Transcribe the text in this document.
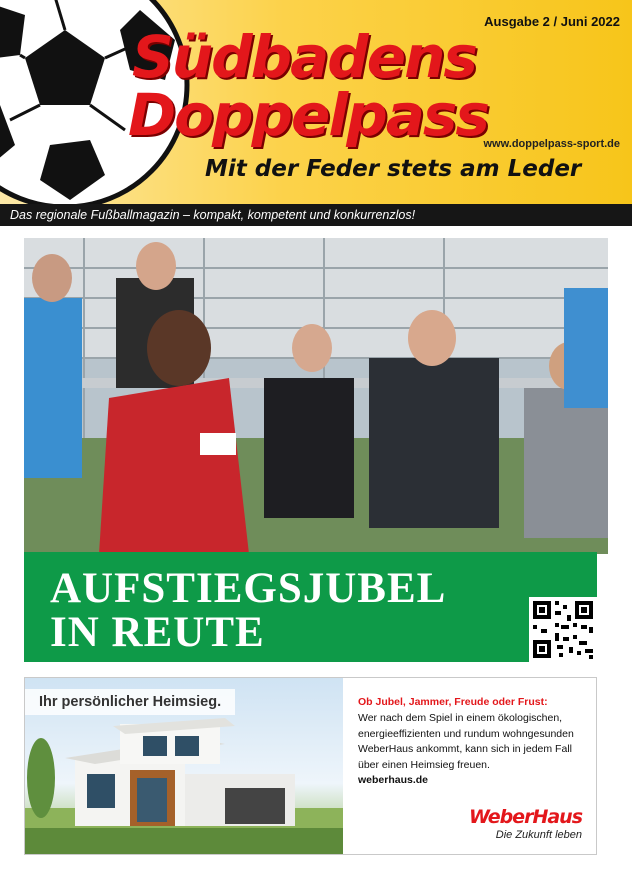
Ausgabe 2 / Juni 2022
Südbadens
Doppelpass
www.doppelpass-sport.de
Mit der Feder stets am Leder
Das regionale Fußballmagazin – kompakt, kompetent und konkurrenzlos!
AUFSTIEGSJUBEL
IN REUTE
Ihr persönlicher Heimsieg.	Ob Jubel, Jammer, Freude oder Frust:
Wer nach dem Spiel in einem ökologischen, energieeffizienten und rundum wohngesunden WeberHaus ankommt, kann sich in jedem Fall über einen Heimsieg freuen.
weberhaus.de
WeberHaus
Die Zukunft leben
